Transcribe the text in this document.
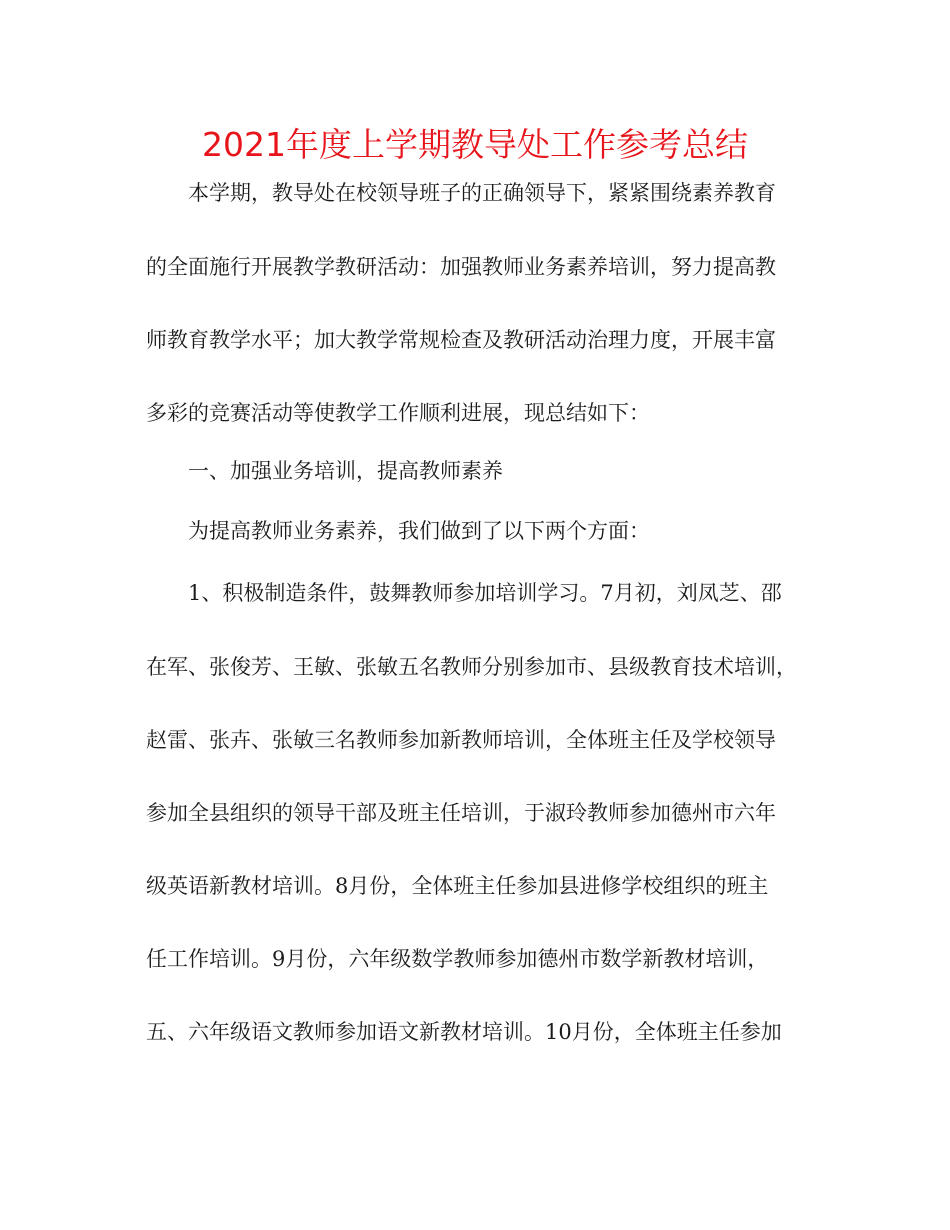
2021年度上学期教导处工作参考总结
本学期，教导处在校领导班子的正确领导下，紧紧围绕素养教育
的全面施行开展教学教研活动：加强教师业务素养培训，努力提高教
师教育教学水平；加大教学常规检查及教研活动治理力度，开展丰富
多彩的竞赛活动等使教学工作顺利进展，现总结如下：
一、加强业务培训，提高教师素养
为提高教师业务素养，我们做到了以下两个方面：
1、积极制造条件，鼓舞教师参加培训学习。7月初，刘凤芝、邵
在军、张俊芳、王敏、张敏五名教师分别参加市、县级教育技术培训，
赵雷、张卉、张敏三名教师参加新教师培训，全体班主任及学校领导
参加全县组织的领导干部及班主任培训，于淑玲教师参加德州市六年
级英语新教材培训。8月份，全体班主任参加县进修学校组织的班主
任工作培训。9月份，六年级数学教师参加德州市数学新教材培训，
五、六年级语文教师参加语文新教材培训。10月份，全体班主任参加
